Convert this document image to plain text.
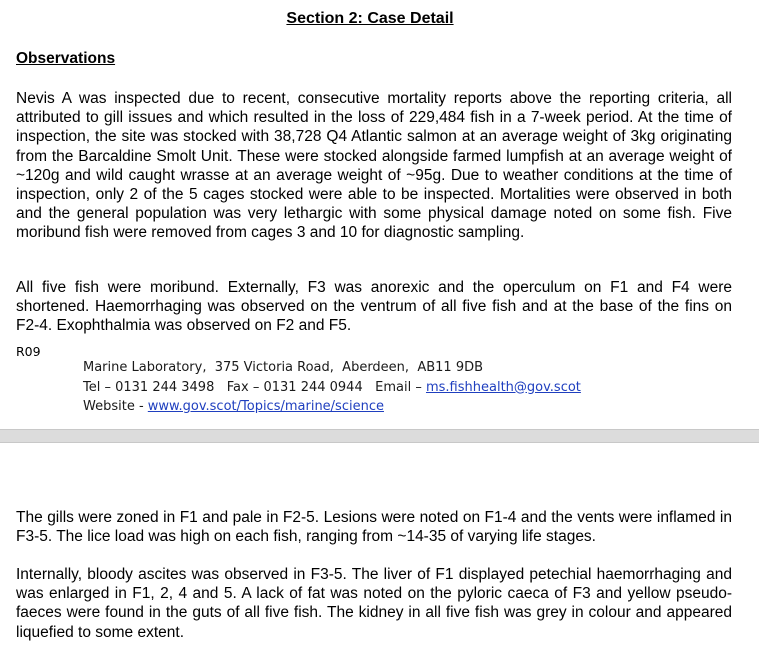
Section 2: Case Detail
Observations

Nevis A was inspected due to recent, consecutive mortality reports above the reporting criteria, all attributed to gill issues and which resulted in the loss of 229,484 fish in a 7-week period. At the time of inspection, the site was stocked with 38,728 Q4 Atlantic salmon at an average weight of 3kg originating from the Barcaldine Smolt Unit. These were stocked alongside farmed lumpfish at an average weight of ~120g and wild caught wrasse at an average weight of ~95g. Due to weather conditions at the time of inspection, only 2 of the 5 cages stocked were able to be inspected. Mortalities were observed in both and the general population was very lethargic with some physical damage noted on some fish. Five moribund fish were removed from cages 3 and 10 for diagnostic sampling.

All five fish were moribund. Externally, F3 was anorexic and the operculum on F1 and F4 were shortened. Haemorrhaging was observed on the ventrum of all five fish and at the base of the fins on F2-4. Exophthalmia was observed on F2 and F5.

R09

Marine Laboratory, 375 Victoria Road, Aberdeen, AB11 9DB

Tel – 0131 244 3498 Fax – 0131 244 0944 Email – ms.fishhealth@gov.scot

Website - www.gov.scot/Topics/marine/science

The gills were zoned in F1 and pale in F2-5. Lesions were noted on F1-4 and the vents were inflamed in F3-5. The lice load was high on each fish, ranging from ~14-35 of varying life stages.

Internally, bloody ascites was observed in F3-5. The liver of F1 displayed petechial haemorrhaging and was enlarged in F1, 2, 4 and 5. A lack of fat was noted on the pyloric caeca of F3 and yellow pseudo-faeces were found in the guts of all five fish. The kidney in all five fish was grey in colour and appeared liquefied to some extent.
